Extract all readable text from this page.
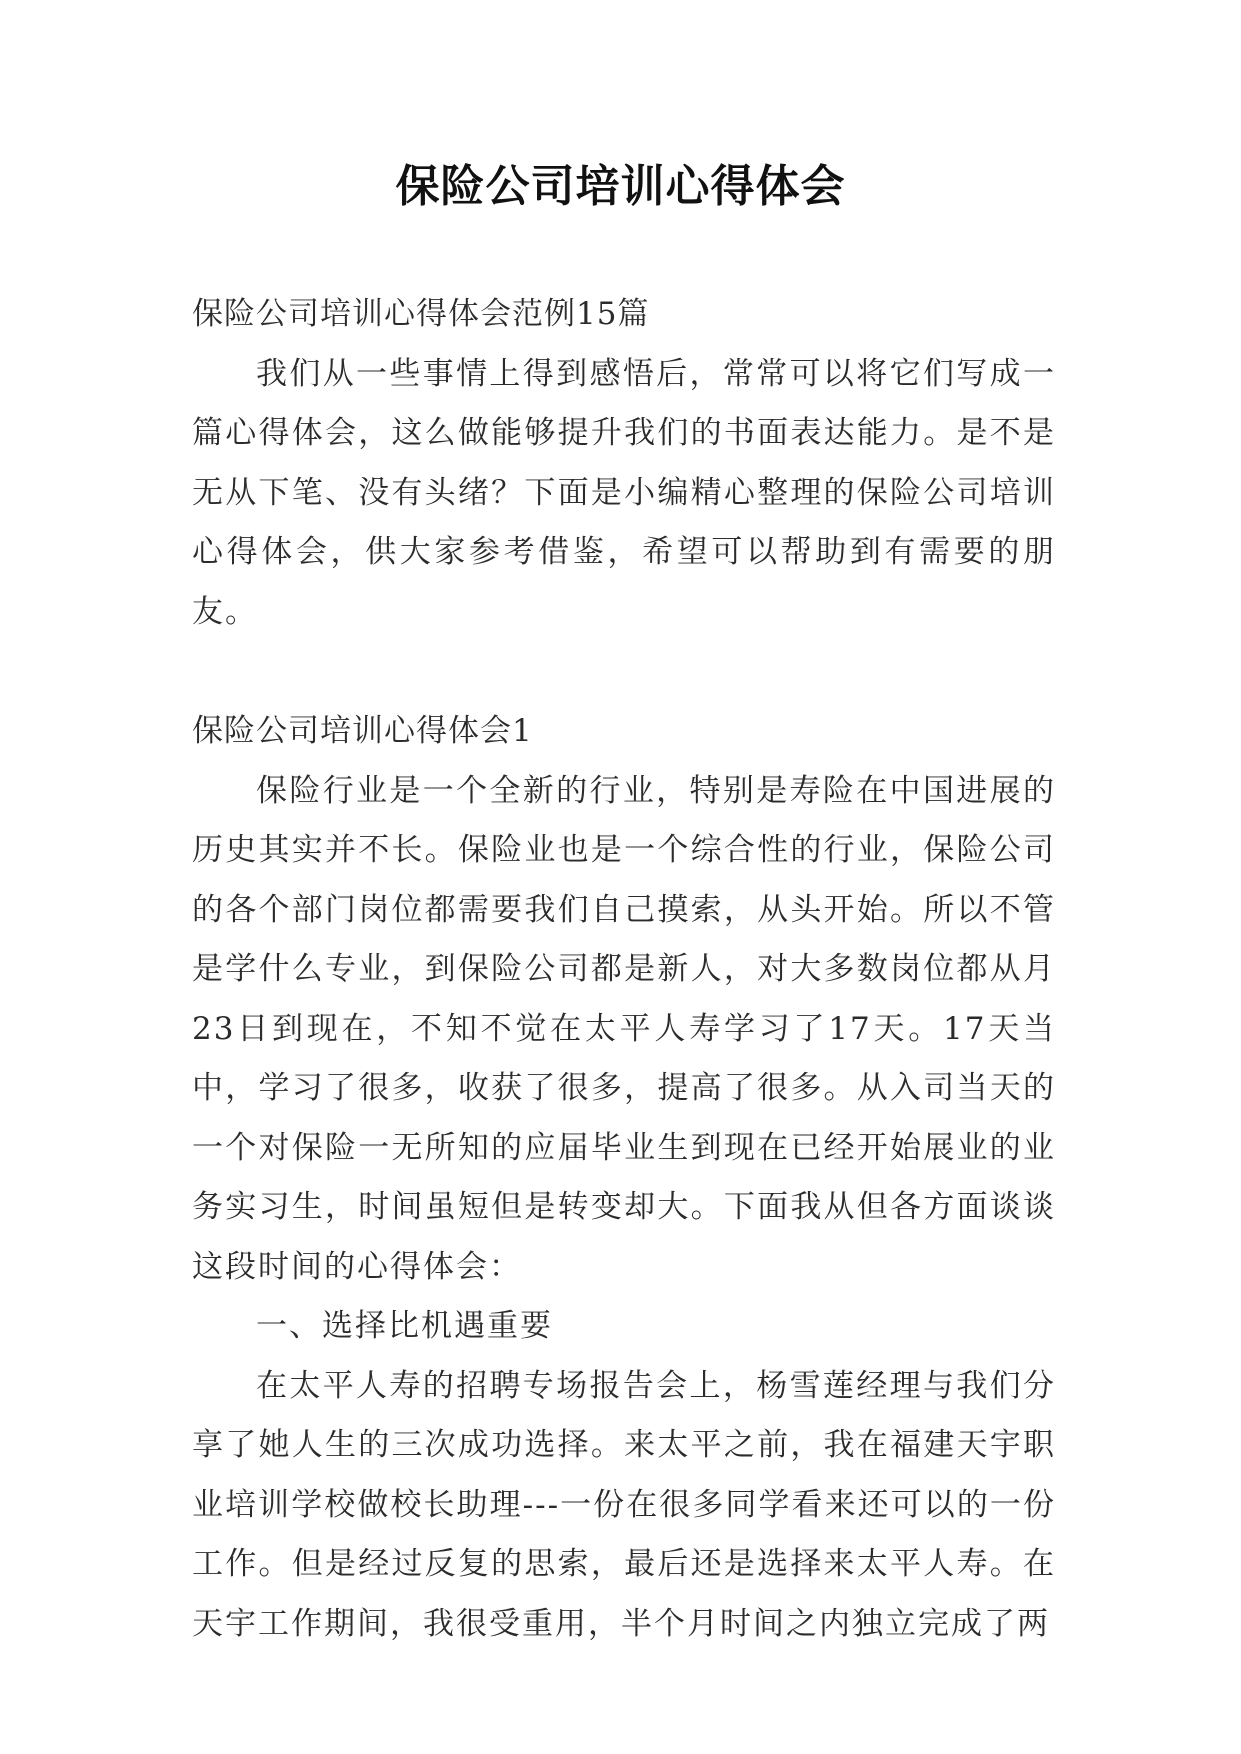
保险公司培训心得体会

保险公司培训心得体会范例15篇

我们从一些事情上得到感悟后，常常可以将它们写成一篇心得体会，这么做能够提升我们的书面表达能力。是不是无从下笔、没有头绪？下面是小编精心整理的保险公司培训心得体会，供大家参考借鉴，希望可以帮助到有需要的朋友。

保险公司培训心得体会1

保险行业是一个全新的行业，特别是寿险在中国进展的历史其实并不长。保险业也是一个综合性的行业，保险公司的各个部门岗位都需要我们自己摸索，从头开始。所以不管是学什么专业，到保险公司都是新人，对大多数岗位都从月23日到现在，不知不觉在太平人寿学习了17天。17天当中，学习了很多，收获了很多，提高了很多。从入司当天的一个对保险一无所知的应届毕业生到现在已经开始展业的业务实习生，时间虽短但是转变却大。下面我从但各方面谈谈这段时间的心得体会：

一、选择比机遇重要

在太平人寿的招聘专场报告会上，杨雪莲经理与我们分享了她人生的三次成功选择。来太平之前，我在福建天宇职业培训学校做校长助理---一份在很多同学看来还可以的一份工作。但是经过反复的思索，最后还是选择来太平人寿。在天宇工作期间，我很受重用，半个月时间之内独立完成了两
